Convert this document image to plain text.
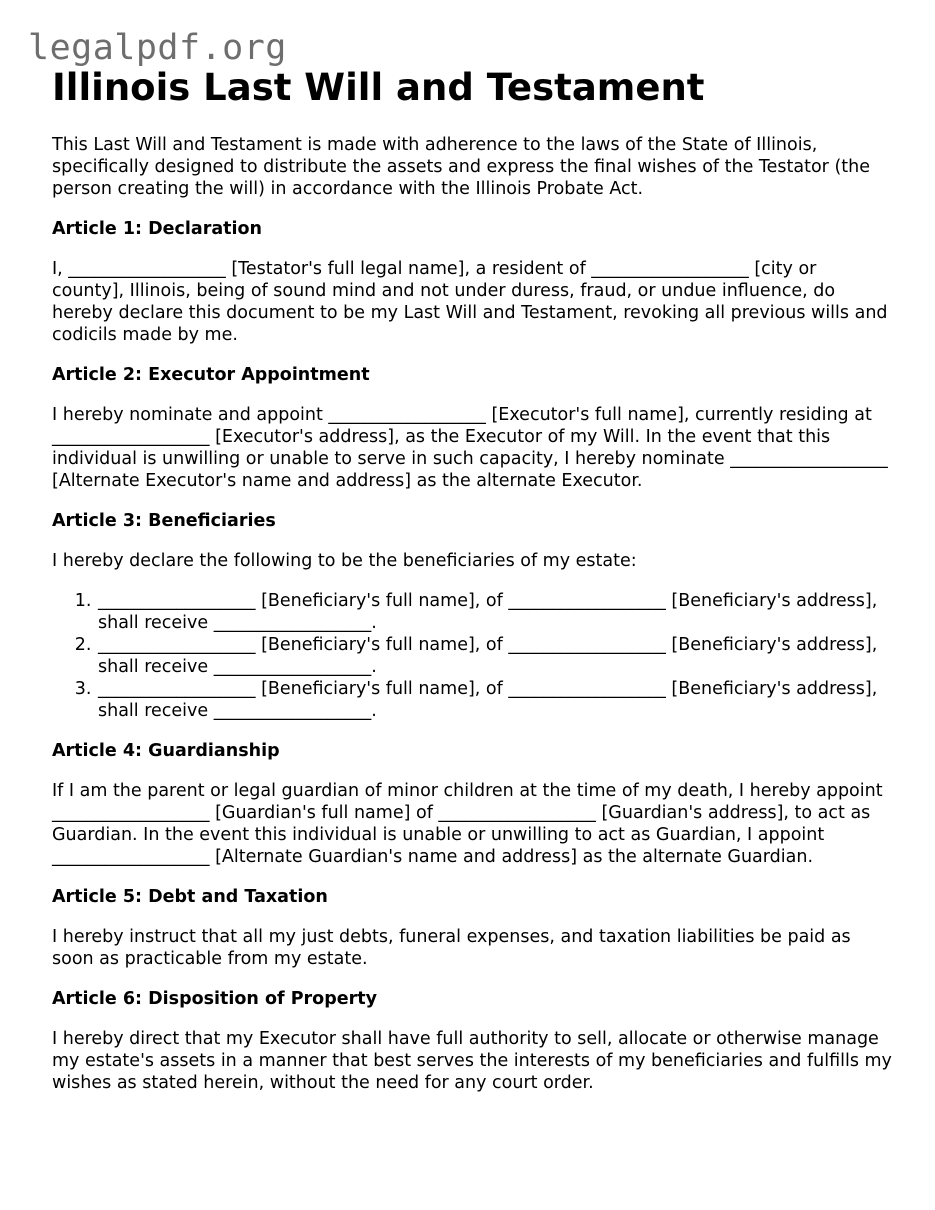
legalpdf.org
Illinois Last Will and Testament

This Last Will and Testament is made with adherence to the laws of the State of Illinois, specifically designed to distribute the assets and express the final wishes of the Testator (the person creating the will) in accordance with the Illinois Probate Act.

Article 1: Declaration

I, __________________ [Testator's full legal name], a resident of __________________ [city or county], Illinois, being of sound mind and not under duress, fraud, or undue influence, do hereby declare this document to be my Last Will and Testament, revoking all previous wills and codicils made by me.

Article 2: Executor Appointment

I hereby nominate and appoint __________________ [Executor's full name], currently residing at __________________ [Executor's address], as the Executor of my Will. In the event that this individual is unwilling or unable to serve in such capacity, I hereby nominate __________________ [Alternate Executor's name and address] as the alternate Executor.

Article 3: Beneficiaries

I hereby declare the following to be the beneficiaries of my estate:

1. __________________ [Beneficiary's full name], of __________________ [Beneficiary's address], shall receive __________________.
2. __________________ [Beneficiary's full name], of __________________ [Beneficiary's address], shall receive __________________.
3. __________________ [Beneficiary's full name], of __________________ [Beneficiary's address], shall receive __________________.
Article 4: Guardianship

If I am the parent or legal guardian of minor children at the time of my death, I hereby appoint __________________ [Guardian's full name] of __________________ [Guardian's address], to act as Guardian. In the event this individual is unable or unwilling to act as Guardian, I appoint __________________ [Alternate Guardian's name and address] as the alternate Guardian.

Article 5: Debt and Taxation

I hereby instruct that all my just debts, funeral expenses, and taxation liabilities be paid as soon as practicable from my estate.

Article 6: Disposition of Property

I hereby direct that my Executor shall have full authority to sell, allocate or otherwise manage my estate's assets in a manner that best serves the interests of my beneficiaries and fulfills my wishes as stated herein, without the need for any court order.
